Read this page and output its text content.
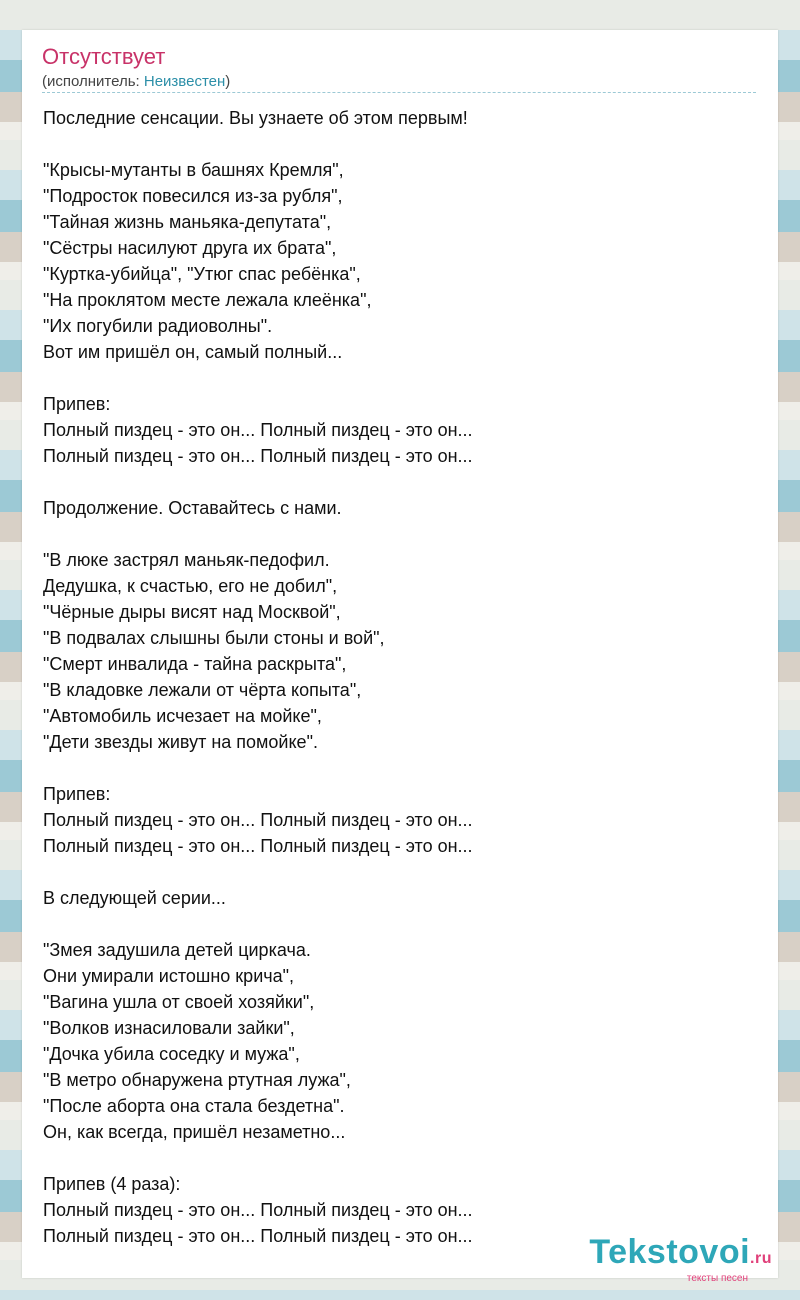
Отсутствует
(исполнитель: Неизвестен)
Последние сенсации. Вы узнаете об этом первым!
"Крысы-мутанты в башнях Кремля",
"Подросток повесился из-за рубля",
"Тайная жизнь маньяка-депутата",
"Сёстры насилуют друга их брата",
"Куртка-убийца", "Утюг спас ребёнка",
"На проклятом месте лежала клеёнка",
"Их погубили радиоволны".
Вот им пришёл он, самый полный...
Припев:
Полный пиздец - это он... Полный пиздец - это он...
Полный пиздец - это он... Полный пиздец - это он...
Продолжение. Оставайтесь с нами.
"В люке застрял маньяк-педофил.
Дедушка, к счастью, его не добил",
"Чёрные дыры висят над Москвой",
"В подвалах слышны были стоны и вой",
"Смерт инвалида - тайна раскрыта",
"В кладовке лежали от чёрта копыта",
"Автомобиль исчезает на мойке",
"Дети звезды живут на помойке".
Припев:
Полный пиздец - это он... Полный пиздец - это он...
Полный пиздец - это он... Полный пиздец - это он...
В следующей серии...
"Змея задушила детей циркача.
Они умирали истошно крича",
"Вагина ушла от своей хозяйки",
"Волков изнасиловали зайки",
"Дочка убила соседку и мужа",
"В метро обнаружена ртутная лужа",
"После аборта она стала бездетна".
Он, как всегда, пришёл незаметно...
Припев (4 раза):
Полный пиздец - это он... Полный пиздец - это он...
Полный пиздец - это он... Полный пиздец - это он...	Tekstovoi.ru
тексты песен
